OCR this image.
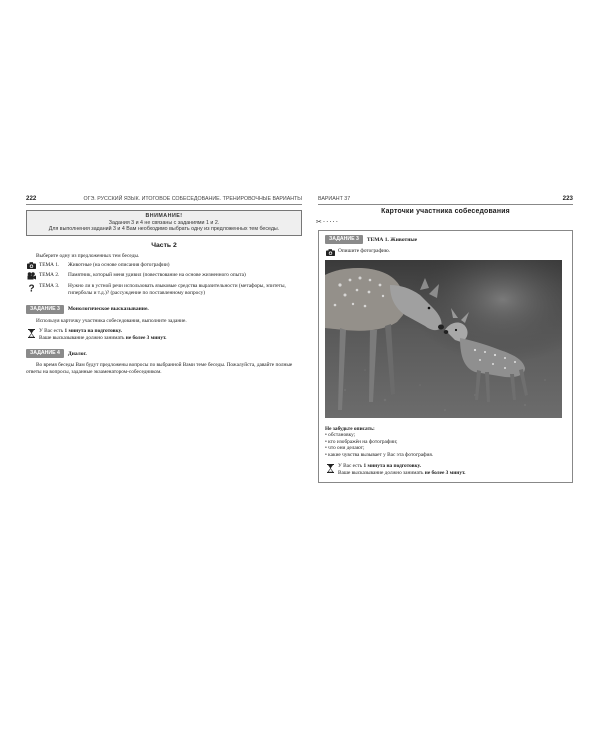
222	ОГЭ. РУССКИЙ ЯЗЫК. ИТОГОВОЕ СОБЕСЕДОВАНИЕ. ТРЕНИРОВОЧНЫЕ ВАРИАНТЫ
ВНИМАНИЕ!
Задания 3 и 4 не связаны с заданиями 1 и 2.
Для выполнения заданий 3 и 4 Вам необходимо выбрать одну из предложенных тем беседы.
Часть 2
Выберите одну из предложенных тем беседы.
ТЕМА 1.	Животные (на основе описания фотографии)
ТЕМА 2.	Памятник, который меня удивил (повествование на основе жизненного опыта)
? ТЕМА 3.	Нужно ли в устной речи использовать языковые средства выразительности (метафоры, эпитеты, гиперболы и т.д.)? (рассуждение по поставленному вопросу)
ЗАДАНИЕ 3	Монологическое высказывание.
Используя карточку участника собеседования, выполните задание.
У Вас есть 1 минута на подготовку.
Ваше высказывание должно занимать не более 3 минут.
ЗАДАНИЕ 4	Диалог.
Во время беседы Вам будут предложены вопросы по выбранной Вами теме беседы. Пожалуйста, давайте полные ответы на вопросы, заданные экзаменатором-собеседником.
ВАРИАНТ 37	223
Карточки участника собеседования
✂·····
ЗАДАНИЕ 3	ТЕМА 1. Животные
Опишите фотографию.
Не забудьте описать:
• обстановку;
• кто изображён на фотографии;
• что они делают;
• какие чувства вызывает у Вас эта фотография.
У Вас есть 1 минута на подготовку.
Ваше высказывание должно занимать не более 3 минут.
